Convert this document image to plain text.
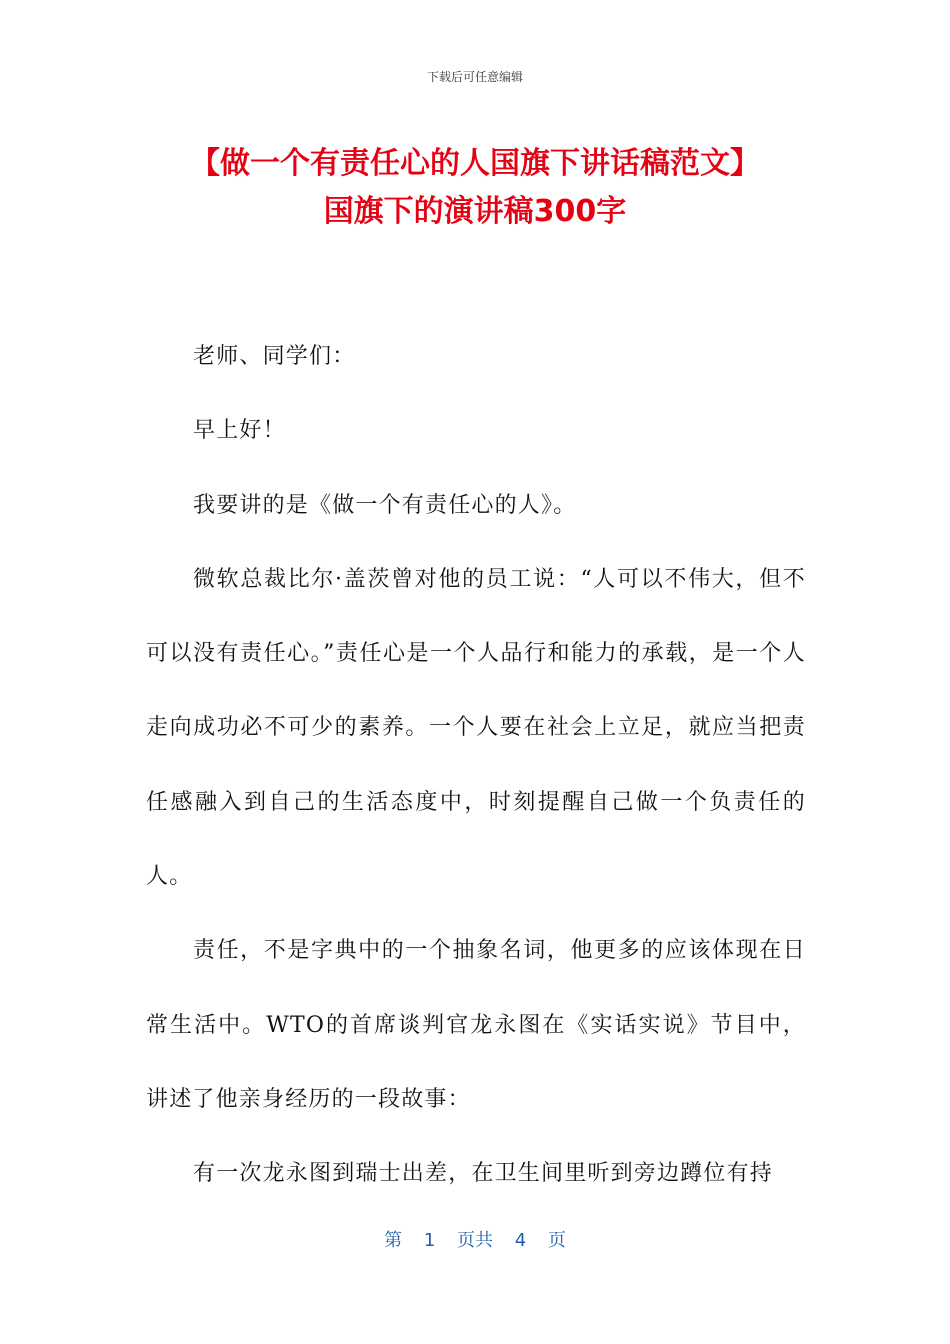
下载后可任意编辑
【做一个有责任心的人国旗下讲话稿范文】
国旗下的演讲稿300字

老师、同学们：

早上好！

我要讲的是《做一个有责任心的人》。

微软总裁比尔·盖茨曾对他的员工说：“人可以不伟大，但不可以没有责任心。”责任心是一个人品行和能力的承载，是一个人走向成功必不可少的素养。一个人要在社会上立足，就应当把责任感融入到自己的生活态度中，时刻提醒自己做一个负责任的人。

责任，不是字典中的一个抽象名词，他更多的应该体现在日常生活中。WTO的首席谈判官龙永图在《实话实说》节目中，讲述了他亲身经历的一段故事：

有一次龙永图到瑞士出差，在卫生间里听到旁边蹲位有持

第 1 页共 4 页
